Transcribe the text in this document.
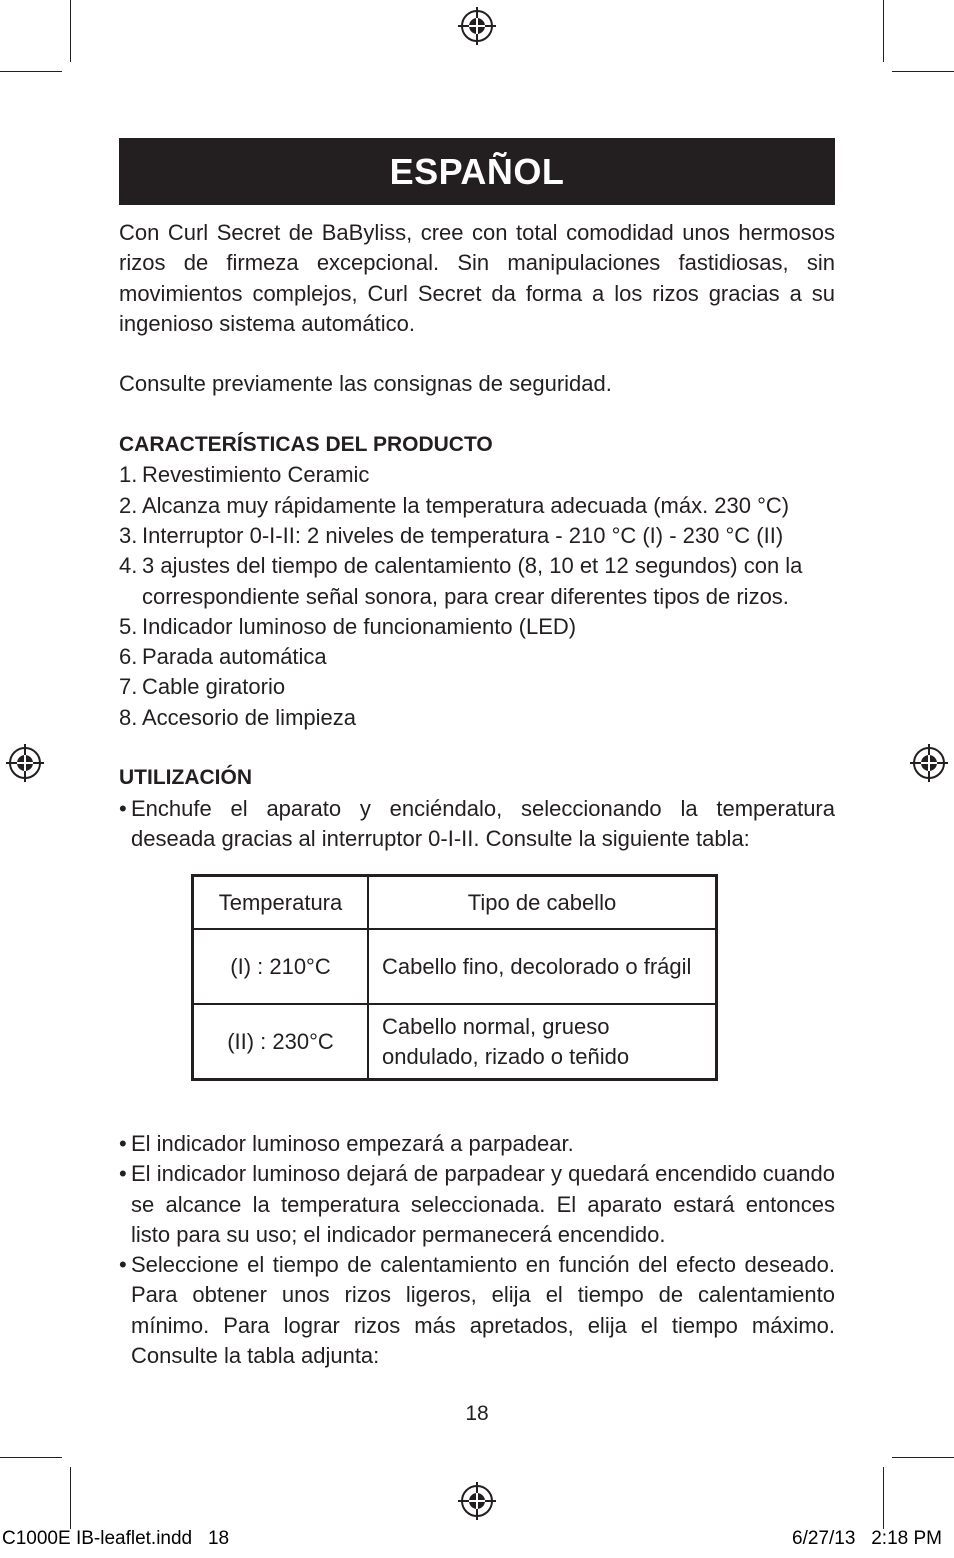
ESPAÑOL

Con Curl Secret de BaByliss, cree con total comodidad unos hermosos rizos de firmeza excepcional. Sin manipulaciones fastidiosas, sin movimientos complejos, Curl Secret da forma a los rizos gracias a su ingenioso sistema automático.

Consulte previamente las consignas de seguridad.

CARACTERÍSTICAS DEL PRODUCTO

1. Revestimiento Ceramic
2. Alcanza muy rápidamente la temperatura adecuada (máx. 230 °C)
3. Interruptor 0-I-II: 2 niveles de temperatura - 210 °C (I) - 230 °C (II)
4. 3 ajustes del tiempo de calentamiento (8, 10 et 12 segundos) con la correspondiente señal sonora, para crear diferentes tipos de rizos.
5. Indicador luminoso de funcionamiento (LED)
6. Parada automática
7. Cable giratorio
8. Accesorio de limpieza

UTILIZACIÓN

• Enchufe el aparato y enciéndalo, seleccionando la temperatura deseada gracias al interruptor 0-I-II. Consulte la siguiente tabla:
Temperatura	Tipo de cabello
(I) : 210°C	Cabello fino, decolorado o frágil
(II) : 230°C	Cabello normal, grueso ondulado, rizado o teñido
• El indicador luminoso empezará a parpadear.
• El indicador luminoso dejará de parpadear y quedará encendido cuando se alcance la temperatura seleccionada. El aparato estará entonces listo para su uso; el indicador permanecerá encendido.
• Seleccione el tiempo de calentamiento en función del efecto deseado. Para obtener unos rizos ligeros, elija el tiempo de calentamiento mínimo. Para lograr rizos más apretados, elija el tiempo máximo. Consulte la tabla adjunta:
18
C1000E IB-leaflet.indd   18	6/27/13   2:18 PM
